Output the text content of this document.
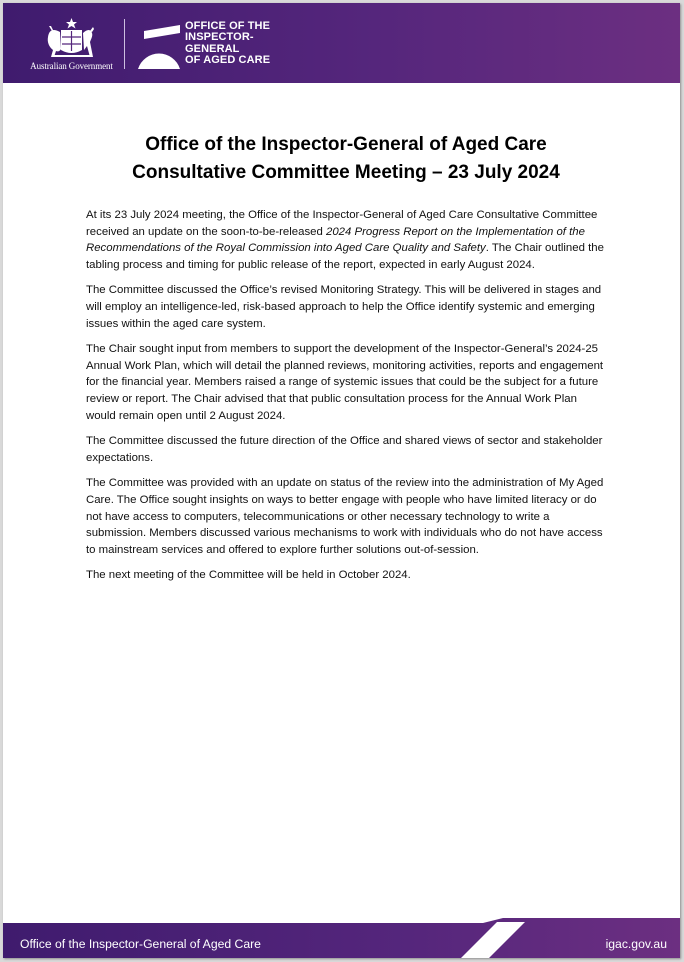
Australian Government
OFFICE OF THE
INSPECTOR-
GENERAL
OF AGED CARE
Office of the Inspector-General of Aged Care
Consultative Committee Meeting – 23 July 2024

At its 23 July 2024 meeting, the Office of the Inspector-General of Aged Care Consultative Committee received an update on the soon-to-be-released 2024 Progress Report on the Implementation of the Recommendations of the Royal Commission into Aged Care Quality and Safety. The Chair outlined the tabling process and timing for public release of the report, expected in early August 2024.

The Committee discussed the Office’s revised Monitoring Strategy. This will be delivered in stages and will employ an intelligence-led, risk-based approach to help the Office identify systemic and emerging issues within the aged care system.

The Chair sought input from members to support the development of the Inspector-General’s 2024-25 Annual Work Plan, which will detail the planned reviews, monitoring activities, reports and engagement for the financial year. Members raised a range of systemic issues that could be the subject for a future review or report. The Chair advised that that public consultation process for the Annual Work Plan would remain open until 2 August 2024.

The Committee discussed the future direction of the Office and shared views of sector and stakeholder expectations.

The Committee was provided with an update on status of the review into the administration of My Aged Care. The Office sought insights on ways to better engage with people who have limited literacy or do not have access to computers, telecommunications or other necessary technology to write a submission. Members discussed various mechanisms to work with individuals who do not have access to mainstream services and offered to explore further solutions out-of-session.

The next meeting of the Committee will be held in October 2024.

Office of the Inspector-General of Aged Care	igac.gov.au
